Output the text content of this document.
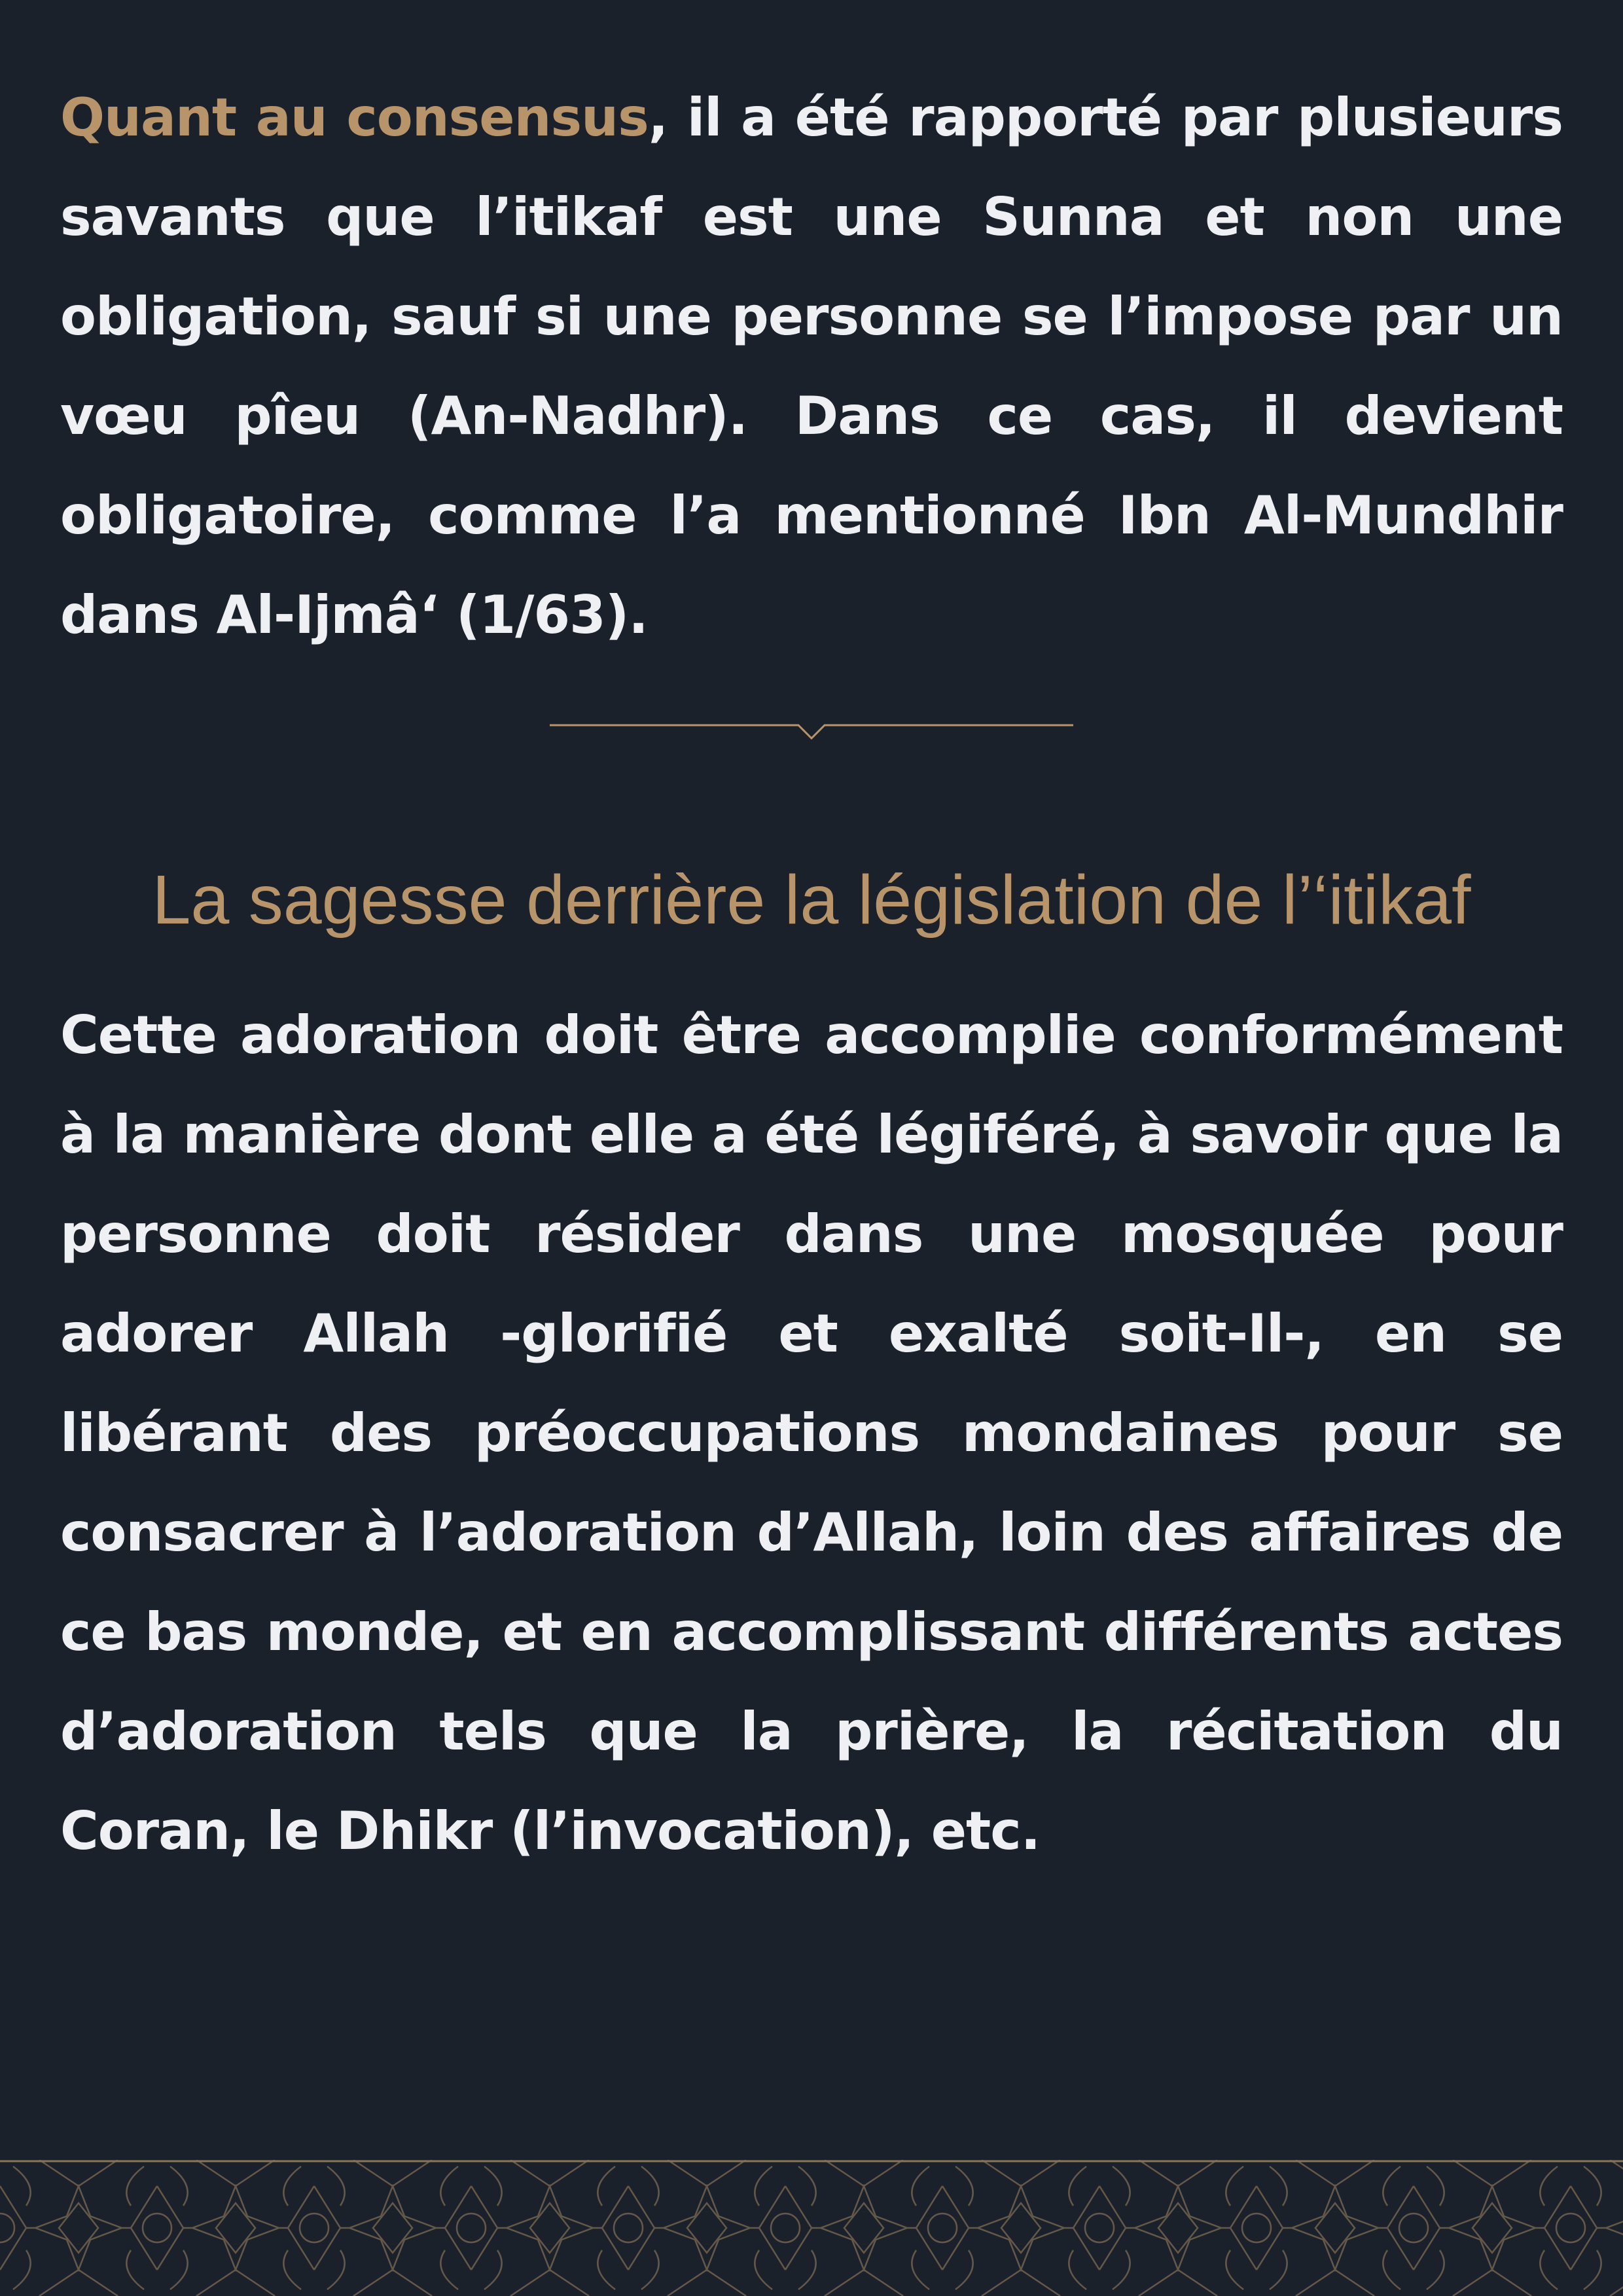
Quant au consensus, il a été rapporté par plusieurs savants que l’itikaf est une Sunna et non une obligation, sauf si une personne se l’impose par un vœu pîeu (An-Nadhr). Dans ce cas, il devient obligatoire, comme l’a mentionné Ibn Al-Mundhir dans Al-Ijmâ‘ (1/63).

La sagesse derrière la législation de l’‘itikaf

Cette adoration doit être accomplie conformément à la manière dont elle a été légiféré, à savoir que la personne doit résider dans une mosquée pour adorer Allah -glorifié et exalté soit-Il-, en se libérant des préoccupations mondaines pour se consacrer à l’adoration d’Allah, loin des affaires de ce bas monde, et en accomplissant différents actes d’adoration tels que la prière, la récitation du Coran, le Dhikr (l’invocation), etc.
